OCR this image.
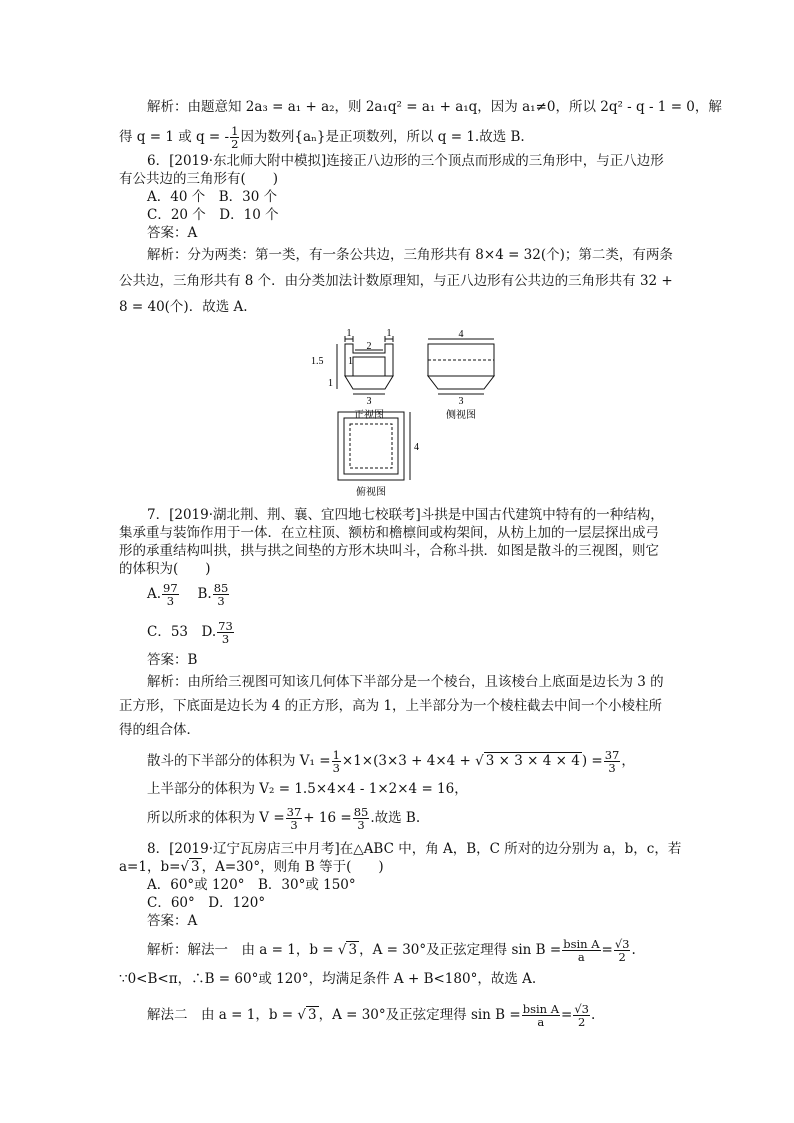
解析：由题意知 2a₃ = a₁ + a₂，则 2a₁q² = a₁ + a₁q，因为 a₁≠0，所以 2q² - q - 1 = 0，解
得 q = 1 或 q = - $\frac{1}{2}$ 因为数列{aₙ}是正项数列，所以 q = 1.故选 B.
6．[2019·东北师大附中模拟]连接正八边形的三个顶点而形成的三角形中，与正八边形
有公共边的三角形有(　　)
A．40 个　B．30 个
C．20 个　D．10 个
答案：A
解析：分为两类：第一类，有一条公共边，三角形共有 8×4 = 32(个)；第二类，有两条
公共边，三角形共有 8 个．由分类加法计数原理知，与正八边形有公共边的三角形共有 32 +
8 = 40(个)．故选 A.
1	1
2
1.5
1
1
3
正视图
4
3
侧视图
4
俯视图
7．[2019·湖北荆、荆、襄、宜四地七校联考]斗拱是中国古代建筑中特有的一种结构，
集承重与装饰作用于一体．在立柱顶、额枋和檐檩间或构架间，从枋上加的一层层探出成弓
形的承重结构叫拱，拱与拱之间垫的方形木块叫斗，合称斗拱．如图是散斗的三视图，则它
的体积为(　　)
A. $\frac{97}{3}$
  B. $\frac{85}{3}$
C．53  D. $\frac{73}{3}$
答案：B
解析：由所给三视图可知该几何体下半部分是一个棱台，且该棱台上底面是边长为 3 的
正方形，下底面是边长为 4 的正方形，高为 1，上半部分为一个棱柱截去中间一个小棱柱所
得的组合体．
散斗的下半部分的体积为 $V_1 = \frac{1}{3} \times 1\times(3\times 3 + 4\times 4$ + √ 3 × 3 × 4 × 4 ) = $\frac{37}{3}$ ，
上半部分的体积为 V₂ = 1.5×4×4 - 1×2×4 = 16，
所以所求的体积为 $V = \frac{37}{3} + 16 = \frac{85}{3}$ .故选 B.
8．[2019·辽宁瓦房店三中月考]在△ABC 中，角 A，B，C 所对的边分别为 a，b，c，若
a=1，b=√ 3 ，A=30°，则角 B 等于(　　)
A．60°或 120°　B．30°或 150°
C．60°　D．120°
答案：A
解析：解法一　由 a = 1，b = √ 3 ，A = 30°及正弦定理得 $\sin B = \frac{\text{bsin A}}{a} = \frac{√3}{2}$ .
∵0<B<π，∴B = 60°或 120°，均满足条件 A + B<180°，故选 A.
解法二　由 a = 1，b = √ 3 ，A = 30°及正弦定理得 $\sin B = \frac{\text{bsin A}}{a} = \frac{√3}{2}$ .
